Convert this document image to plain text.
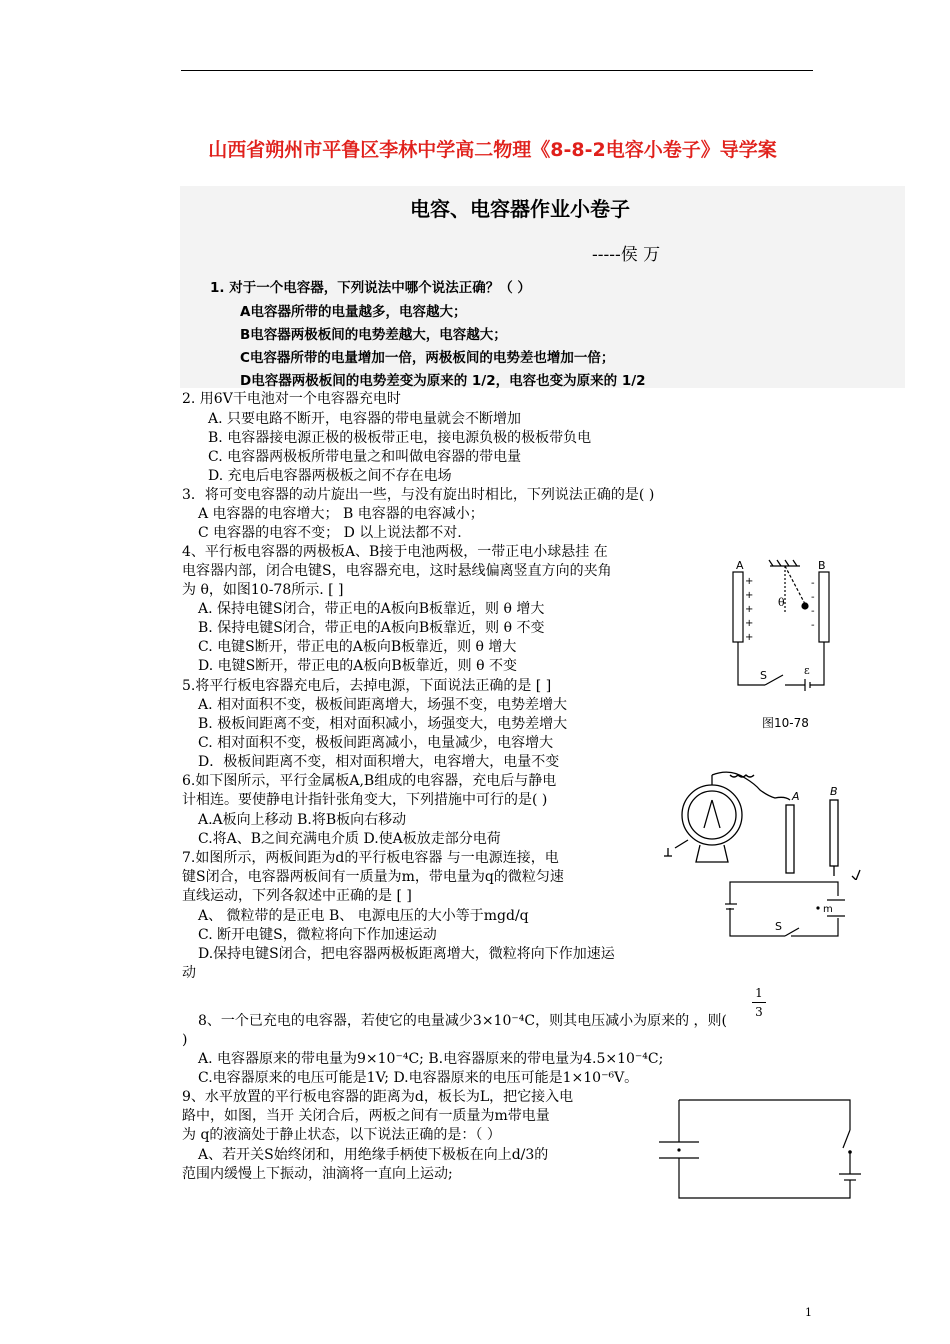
山西省朔州市平鲁区李林中学高二物理《8-8-2电容小卷子》导学案
电容、电容器作业小卷子
-----侯 万
1. 对于一个电容器，下列说法中哪个说法正确？（ ）
A电容器所带的电量越多，电容越大；
B电容器两极板间的电势差越大，电容越大；
C电容器所带的电量增加一倍，两极板间的电势差也增加一倍；
D电容器两极板间的电势差变为原来的 1/2，电容也变为原来的 1/2
2. 用6V干电池对一个电容器充电时
A. 只要电路不断开，电容器的带电量就会不断增加
B. 电容器接电源正极的极板带正电，接电源负极的极板带负电
C. 电容器两极板所带电量之和叫做电容器的带电量
D. 充电后电容器两极板之间不存在电场
3．将可变电容器的动片旋出一些，与没有旋出时相比，下列说法正确的是( )
A 电容器的电容增大； B 电容器的电容减小；
C 电容器的电容不变； D 以上说法都不对.
4、平行板电容器的两极板A、B接于电池两极，一带正电小球悬挂 在
电容器内部，闭合电键S，电容器充电，这时悬线偏离竖直方向的夹角
为 θ，如图10-78所示. [ ]
A. 保持电键S闭合，带正电的A板向B板靠近，则 θ 增大
B. 保持电键S闭合，带正电的A板向B板靠近，则 θ 不变
C. 电键S断开，带正电的A板向B板靠近，则 θ 增大
D. 电键S断开，带正电的A板向B板靠近，则 θ 不变
5.将平行板电容器充电后，去掉电源，下面说法正确的是 [ ]
A. 相对面积不变，极板间距离增大，场强不变，电势差增大
B. 极板间距离不变，相对面积减小，场强变大，电势差增大
C. 相对面积不变，极板间距离减小，电量减少，电容增大
D．极板间距离不变，相对面积增大，电容增大，电量不变
6.如下图所示，平行金属板A,B组成的电容器，充电后与静电
计相连。要使静电计指针张角变大，下列措施中可行的是( )
A.A板向上移动 B.将B板向右移动
C.将A、B之间充满电介质 D.使A板放走部分电荷
7.如图所示，两板间距为d的平行板电容器 与一电源连接，电
键S闭合，电容器两板间有一质量为m，带电量为q的微粒匀速
直线运动，下列各叙述中正确的是 [ ]
A、 微粒带的是正电 B、 电源电压的大小等于mgd/q
C. 断开电键S，微粒将向下作加速运动
D.保持电键S闭合，把电容器两极板距离增大，微粒将向下作加速运
动
8、一个已充电的电容器，若使它的电量减少3×10⁻⁴C，则其电压减小为原来的 ，则(
)
A. 电容器原来的带电量为9×10⁻⁴C; B.电容器原来的带电量为4.5×10⁻⁴C;
C.电容器原来的电压可能是1V; D.电容器原来的电压可能是1×10⁻⁶V。
9、水平放置的平行板电容器的距离为d，板长为L，把它接入电
路中，如图，当开 关闭合后，两板之间有一质量为m带电量
为 q的液滴处于静止状态，以下说法正确的是：（ ）
A、若开关S始终闭和，用绝缘手柄使下极板在向上d/3的
范围内缓慢上下振动，油滴将一直向上运动;
1
3
A	B
θ
S	ε
+
+
+
+
+
-
-
-
-
图10-78
A	B
m
S
1
